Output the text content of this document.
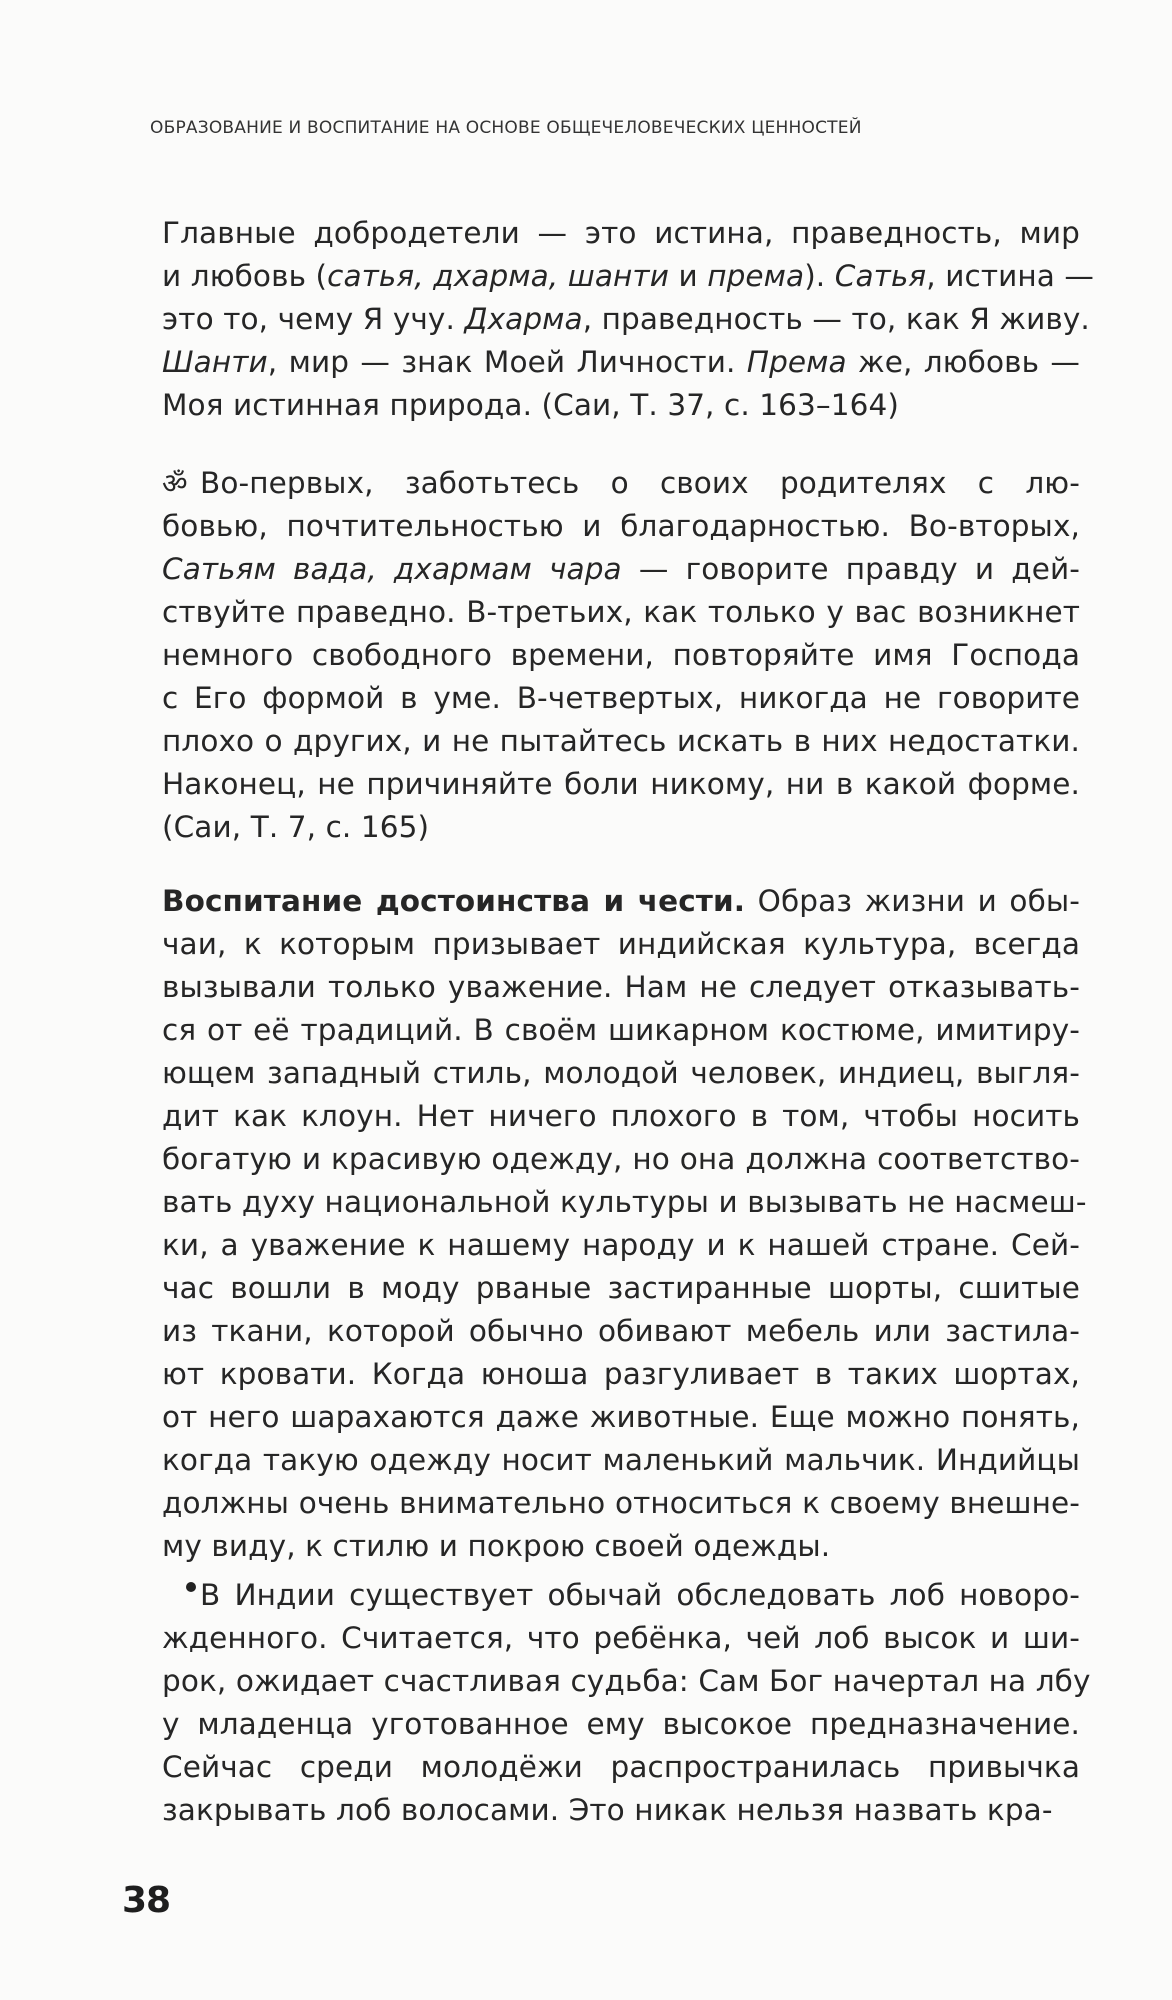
ОБРАЗОВАНИЕ И ВОСПИТАНИЕ НА ОСНОВЕ ОБЩЕЧЕЛОВЕЧЕСКИХ ЦЕННОСТЕЙ
Главные добродетели — это истина, праведность, мир
и любовь (сатья, дхарма, шанти и према). Сатья, истина —
это то, чему Я учу. Дхарма, праведность — то, как Я живу.
Шанти, мир — знак Моей Личности. Према же, любовь —
Моя истинная природа. (Саи, Т. 37, с. 163–164)
ॐ Во-первых, заботьтесь о своих родителях с лю-
бовью, почтительностью и благодарностью. Во-вторых,
Сатьям вада, дхармам чара — говорите правду и дей-
ствуйте праведно. В-третьих, как только у вас возникнет
немного свободного времени, повторяйте имя Господа
с Его формой в уме. В-четвертых, никогда не говорите
плохо о других, и не пытайтесь искать в них недостатки.
Наконец, не причиняйте боли никому, ни в какой форме.
(Саи, Т. 7, с. 165)
Воспитание достоинства и чести. Образ жизни и обы-
чаи, к которым призывает индийская культура, всегда
вызывали только уважение. Нам не следует отказывать-
ся от её традиций. В своём шикарном костюме, имитиру-
ющем западный стиль, молодой человек, индиец, выгля-
дит как клоун. Нет ничего плохого в том, чтобы носить
богатую и красивую одежду, но она должна соответство-
вать духу национальной культуры и вызывать не насмеш-
ки, а уважение к нашему народу и к нашей стране. Сей-
час вошли в моду рваные застиранные шорты, сшитые
из ткани, которой обычно обивают мебель или застила-
ют кровати. Когда юноша разгуливает в таких шортах,
от него шарахаются даже животные. Еще можно понять,
когда такую одежду носит маленький мальчик. Индийцы
должны очень внимательно относиться к своему внешне-
му виду, к стилю и покрою своей одежды.
В Индии существует обычай обследовать лоб новоро-
жденного. Считается, что ребёнка, чей лоб высок и ши-
рок, ожидает счастливая судьба: Сам Бог начертал на лбу
у младенца уготованное ему высокое предназначение.
Сейчас среди молодёжи распространилась привычка
закрывать лоб волосами. Это никак нельзя назвать кра-
38
